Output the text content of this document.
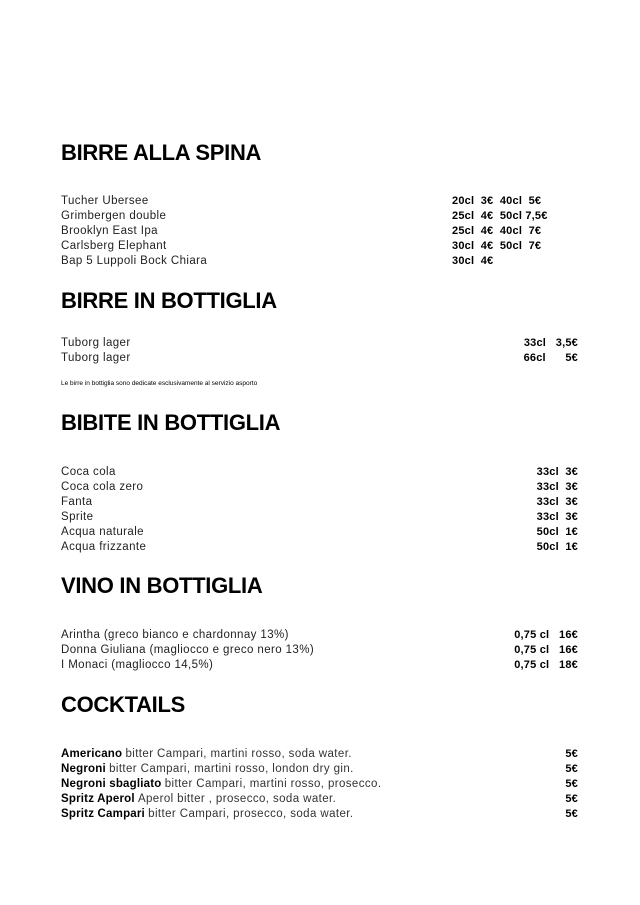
BIRRE ALLA SPINA
Tucher Ubersee	20cl  3€  40cl  5€
Grimbergen double	25cl  4€  50cl 7,5€
Brooklyn East Ipa	25cl  4€  40cl  7€
Carlsberg Elephant	30cl  4€  50cl  7€
Bap 5 Luppoli Bock Chiara	30cl  4€
BIRRE IN BOTTIGLIA
Tuborg lager	33cl   3,5€
Tuborg lager	66cl      5€
Le birre in bottiglia sono dedicate esclusivamente al servizio asporto
BIBITE IN BOTTIGLIA
Coca cola	33cl  3€
Coca cola zero	33cl  3€
Fanta	33cl  3€
Sprite	33cl  3€
Acqua naturale	50cl  1€
Acqua frizzante	50cl  1€
VINO IN BOTTIGLIA
Arintha (greco bianco e chardonnay 13%)	0,75 cl   16€
Donna Giuliana (magliocco e greco nero 13%)	0,75 cl   16€
I Monaci (magliocco 14,5%)	0,75 cl   18€
COCKTAILS
Americano bitter Campari, martini rosso, soda water.	5€
Negroni bitter Campari, martini rosso, london dry gin.	5€
Negroni sbagliato bitter Campari, martini rosso, prosecco.	5€
Spritz Aperol Aperol bitter , prosecco, soda water.	5€
Spritz Campari bitter Campari, prosecco, soda water.	5€
